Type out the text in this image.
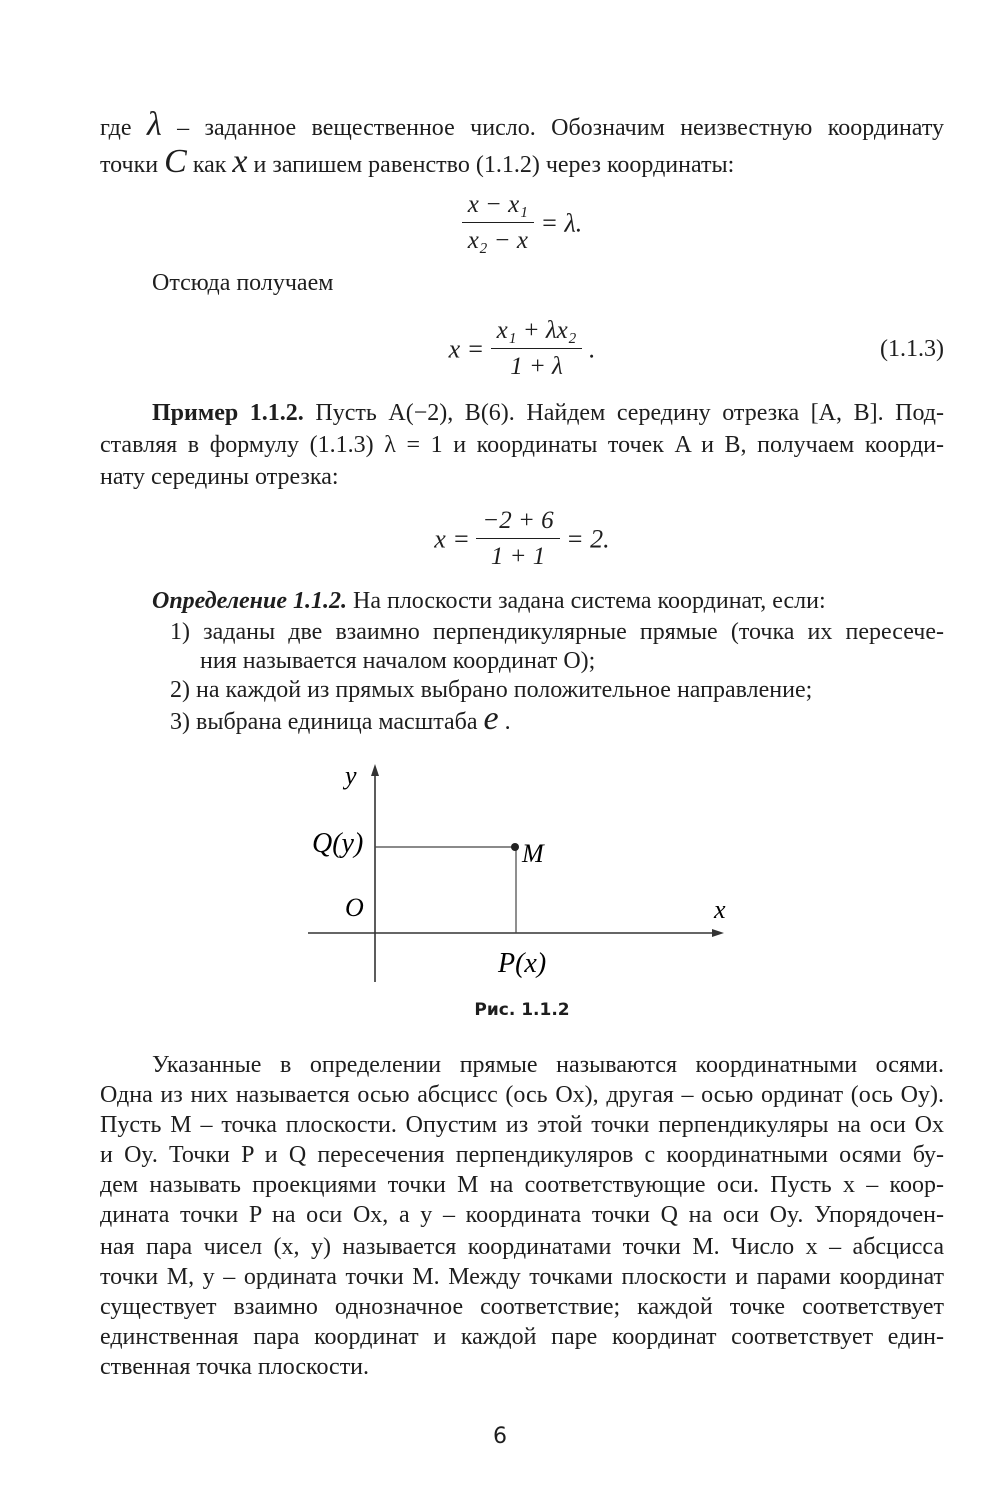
где λ – заданное вещественное число. Обозначим неизвестную координату
точки C как x и запишем равенство (1.1.2) через координаты:
$\frac{\text{x − x₁}}{\text{x₂ − x}} = \lambda$.
Отсюда получаем
$x = \frac{\text{x₁ + λx₂}}{1 + \lambda}$ .	(1.1.3)
Пример 1.1.2. Пусть A(−2), B(6). Найдем середину отрезка [A, B]. Под-
ставляя в формулу (1.1.3) λ = 1 и координаты точек A и B, получаем коорди-
нату середины отрезка:
$x = \frac{-2 + 6}{1 + 1} = 2$.
Определение 1.1.2. На плоскости задана система координат, если:
1) заданы две взаимно перпендикулярные прямые (точка их пересече-
ния называется началом координат O);
2) на каждой из прямых выбрано положительное направление;
3) выбрана единица масштаба e .
y
Q(y)	M
O	x
P(x)
Рис. 1.1.2
Указанные в определении прямые называются координатными осями.
Одна из них называется осью абсцисс (ось Ox), другая – осью ординат (ось Oy).
Пусть M – точка плоскости. Опустим из этой точки перпендикуляры на оси Ox
и Oy. Точки P и Q пересечения перпендикуляров с координатными осями бу-
дем называть проекциями точки M на соответствующие оси. Пусть x – коор-
дината точки P на оси Ox, а y – координата точки Q на оси Oy. Упорядочен-
ная пара чисел (x, y) называется координатами точки M. Число x – абсцисса
точки M, y – ордината точки M. Между точками плоскости и парами координат
существует взаимно однозначное соответствие; каждой точке соответствует
единственная пара координат и каждой паре координат соответствует един-
ственная точка плоскости.
6
